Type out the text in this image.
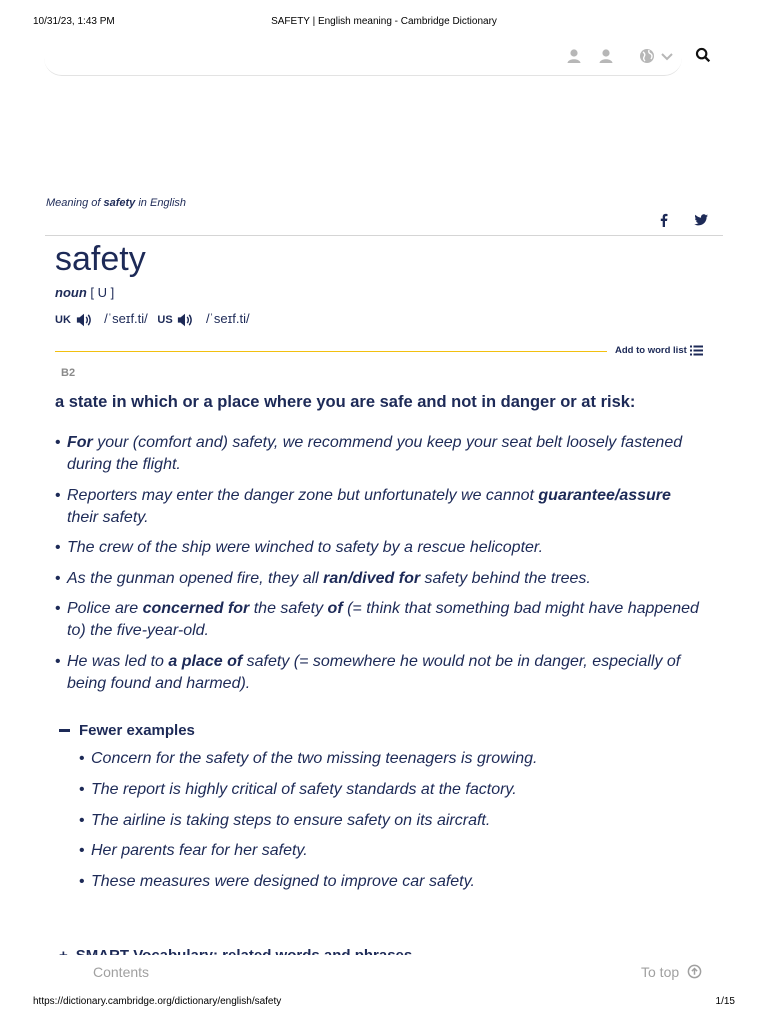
10/31/23, 1:43 PM	SAFETY | English meaning - Cambridge Dictionary
Meaning of safety in English
safety
noun [ U ]
UK	/ˈseɪf.ti/ US	/ˈseɪf.ti/
Add to word list
B2
a state in which or a place where you are safe and not in danger or at risk:
• For your (comfort and) safety, we recommend you keep your seat belt loosely fastened during the flight.
• Reporters may enter the danger zone but unfortunately we cannot guarantee/assure their safety.
• The crew of the ship were winched to safety by a rescue helicopter.
• As the gunman opened fire, they all ran/dived for safety behind the trees.
• Police are concerned for the safety of (= think that something bad might have happened to) the five-year-old.
• He was led to a place of safety (= somewhere he would not be in danger, especially of being found and harmed).
Fewer examples
• Concern for the safety of the two missing teenagers is growing.
• The report is highly critical of safety standards at the factory.
• The airline is taking steps to ensure safety on its aircraft.
• Her parents fear for her safety.
• These measures were designed to improve car safety.
Contents	To top
https://dictionary.cambridge.org/dictionary/english/safety	1/15
